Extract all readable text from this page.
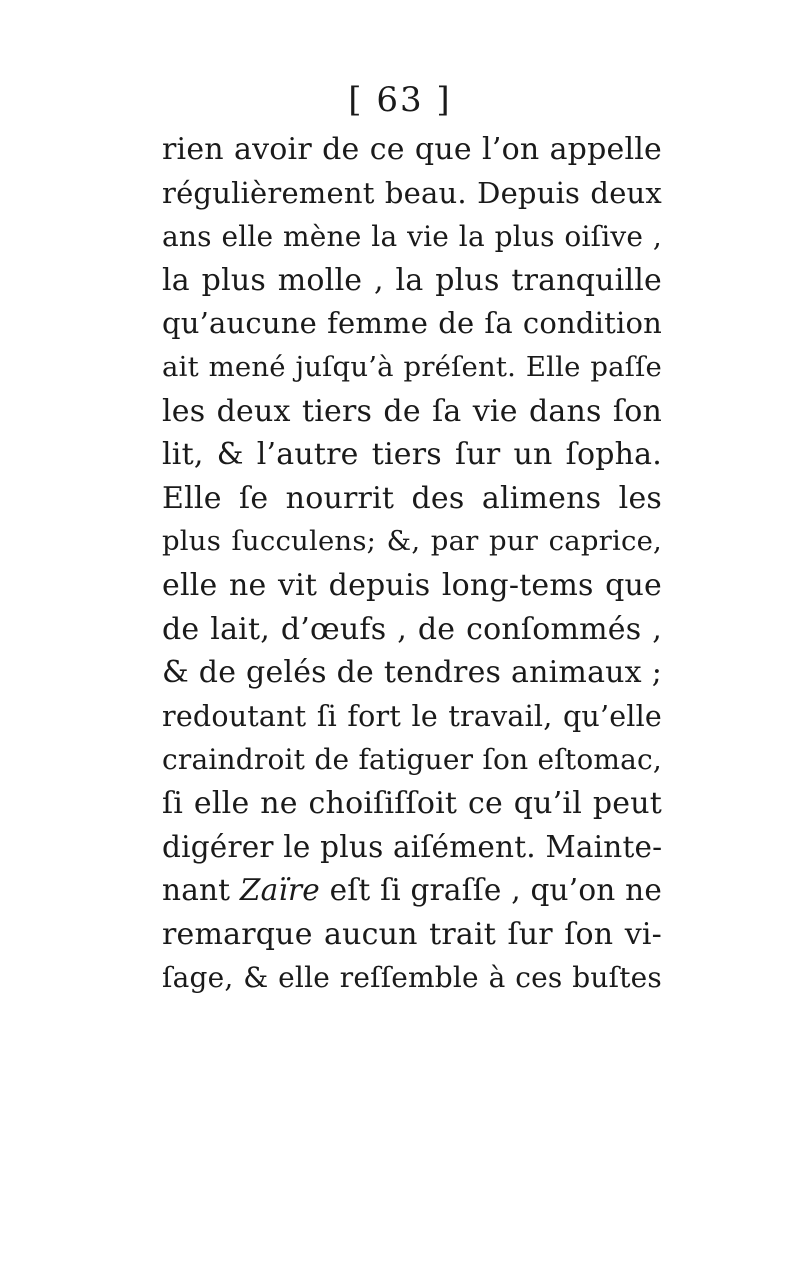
[ 63 ]
rien avoir de ce que l’on appelle
régulièrement beau. Depuis deux
ans elle mène la vie la plus oiſive ,
la plus molle , la plus tranquille
qu’aucune femme de ſa condition
ait mené juſqu’à préſent. Elle paſſe
les deux tiers de ſa vie dans ſon
lit, & l’autre tiers ſur un ſopha.
Elle ſe nourrit des alimens les
plus ſucculens; &, par pur caprice,
elle ne vit depuis long-tems que
de lait, d’œufs , de conſommés ,
& de gelés de tendres animaux ;
redoutant ſi fort le travail, qu’elle
craindroit de fatiguer ſon eſtomac,
ſi elle ne choiſiſſoit ce qu’il peut
digérer le plus aiſément. Mainte-
nant Zaïre eſt ſi graſſe , qu’on ne
remarque aucun trait ſur ſon vi-
ſage, & elle reſſemble à ces buſtes
